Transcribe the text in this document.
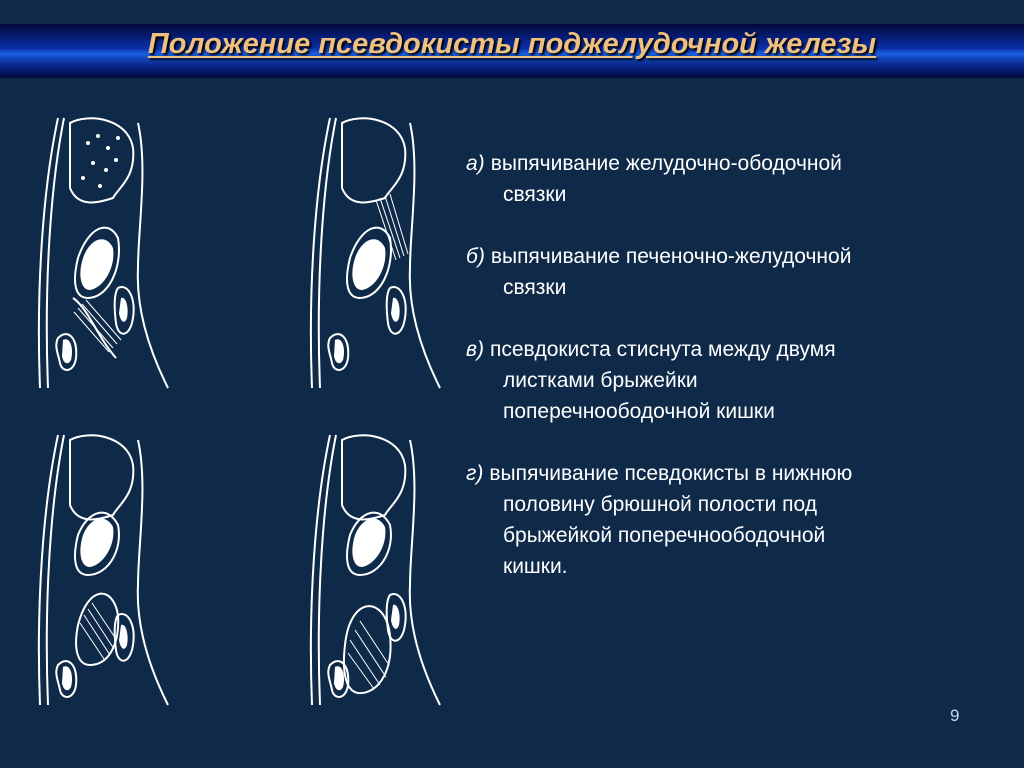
Положение псевдокисты поджелудочной железы
а) выпячивание желудочно-ободочной
связки
б) выпячивание печеночно-желудочной
связки
в) псевдокиста стиснута между двумя
листками брыжейки
поперечноободочной кишки
г) выпячивание псевдокисты в нижнюю
половину брюшной полости под
брыжейкой поперечноободочной
кишки.
9
